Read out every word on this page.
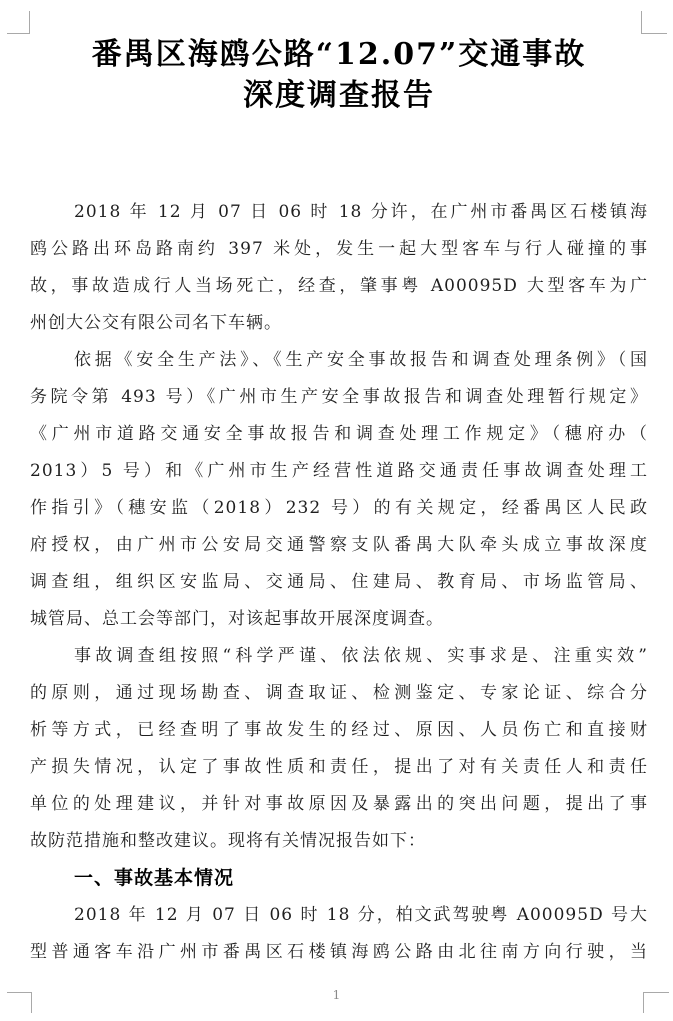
番禺区海鸥公路“12.07”交通事故
深度调查报告
2018 年 12 月 07 日 06 时 18 分许，在广州市番禺区石楼镇海
鸥公路出环岛路南约 397 米处，发生一起大型客车与行人碰撞的事
故，事故造成行人当场死亡，经查，肇事粤 A00095D 大型客车为广
州创大公交有限公司名下车辆。
依据《安全生产法》、《生产安全事故报告和调查处理条例》（国
务院令第 493 号）《广州市生产安全事故报告和调查处理暂行规定》
《广州市道路交通安全事故报告和调查处理工作规定》（穗府办（
2013）5 号）和《广州市生产经营性道路交通责任事故调查处理工
作指引》（穗安监（2018）232 号）的有关规定，经番禺区人民政
府授权，由广州市公安局交通警察支队番禺大队牵头成立事故深度
调查组，组织区安监局、交通局、住建局、教育局、市场监管局、
城管局、总工会等部门，对该起事故开展深度调查。
事故调查组按照“科学严谨、依法依规、实事求是、注重实效”
的原则，通过现场勘查、调查取证、检测鉴定、专家论证、综合分
析等方式，已经查明了事故发生的经过、原因、人员伤亡和直接财
产损失情况，认定了事故性质和责任，提出了对有关责任人和责任
单位的处理建议，并针对事故原因及暴露出的突出问题，提出了事
故防范措施和整改建议。现将有关情况报告如下：
一、事故基本情况
2018 年 12 月 07 日 06 时 18 分，柏文武驾驶粤 A00095D 号大
型普通客车沿广州市番禺区石楼镇海鸥公路由北往南方向行驶，当
1
